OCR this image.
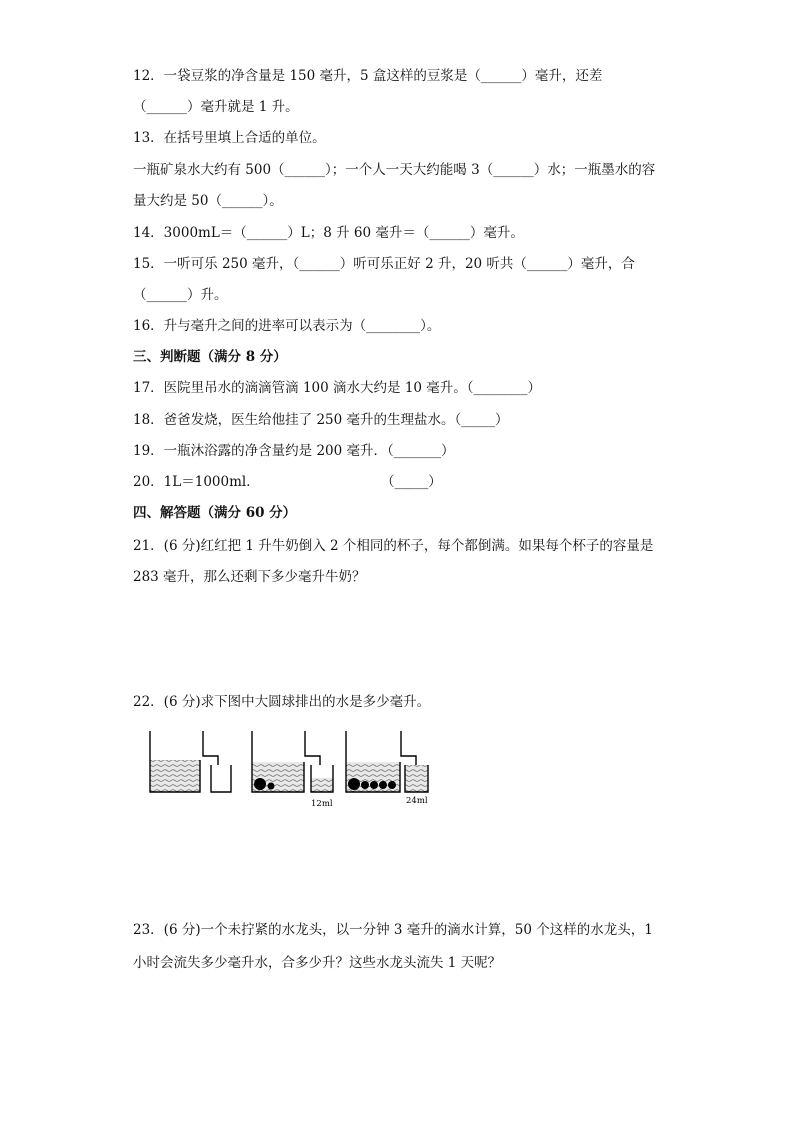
12．一袋豆浆的净含量是 150 毫升，5 盒这样的豆浆是（______）毫升，还差
（______）毫升就是 1 升。
13．在括号里填上合适的单位。
一瓶矿泉水大约有 500（______）；一个人一天大约能喝 3（______）水；一瓶墨水的容
量大约是 50（______）。
14．3000mL＝（______）L；8 升 60 毫升＝（______）毫升。
15．一听可乐 250 毫升，（______）听可乐正好 2 升，20 听共（______）毫升，合
（______）升。
16．升与毫升之间的进率可以表示为（________）。
三、判断题（满分 8 分）
17．医院里吊水的滴滴管滴 100 滴水大约是 10 毫升。（________）
18．爸爸发烧，医生给他挂了 250 毫升的生理盐水。（_____）
19．一瓶沐浴露的净含量约是 200 毫升．（_______）
20．1L＝1000ml．	（_____）
四、解答题（满分 60 分）
21．(6 分)红红把 1 升牛奶倒入 2 个相同的杯子，每个都倒满。如果每个杯子的容量是
283 毫升，那么还剩下多少毫升牛奶？
22．(6 分)求下图中大圆球排出的水是多少毫升。
12ml	24ml
23．(6 分)一个未拧紧的水龙头，以一分钟 3 毫升的滴水计算，50 个这样的水龙头，1
小时会流失多少毫升水，合多少升？这些水龙头流失 1 天呢？
